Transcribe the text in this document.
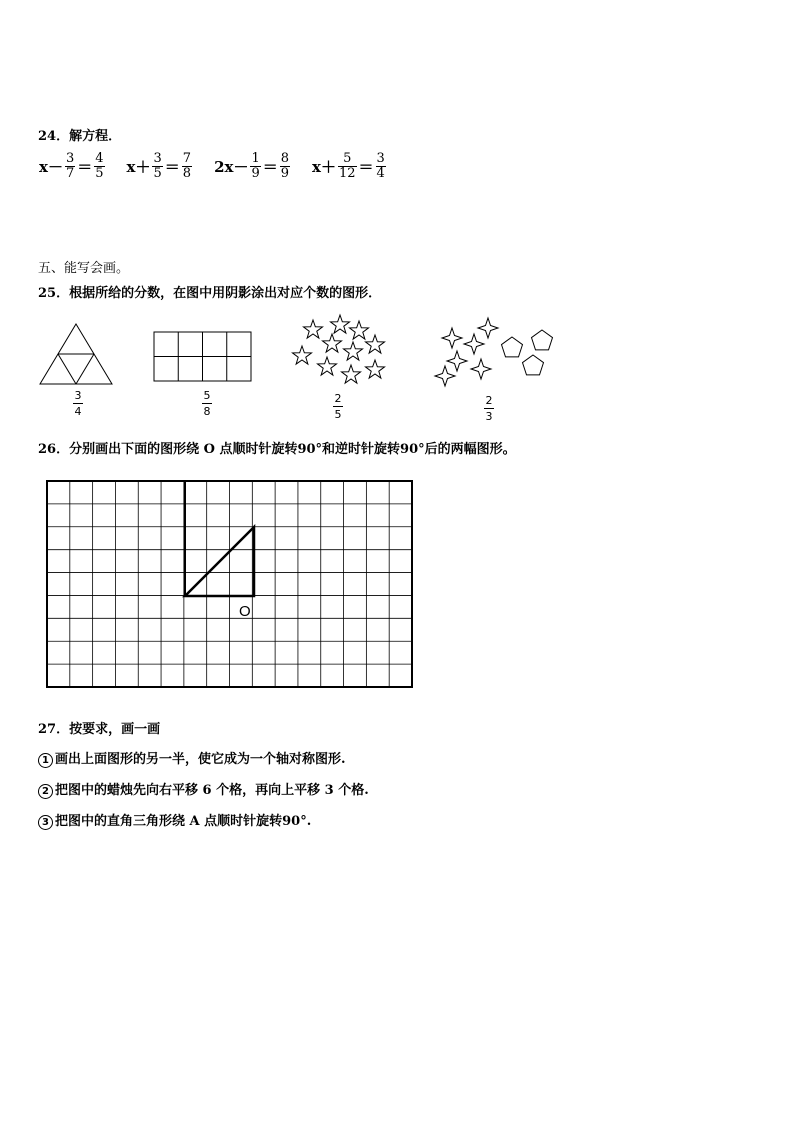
24．解方程．
$x- \frac{3}{7} = \frac{4}{5} x+ \frac{3}{5} = \frac{7}{8} 2x- \frac{1}{9} = \frac{8}{9} x+ \frac{5}{12} = \frac{3}{4}$
五、能写会画。
25．根据所给的分数，在图中用阴影涂出对应个数的图形．
3
4
5
8
2
5
2
3
26．分别画出下面的图形绕 O 点顺时针旋转90°和逆时针旋转90°后的两幅图形。
O
27．按要求，画一画
1 画出上面图形的另一半，使它成为一个轴对称图形.
2 把图中的蜡烛先向右平移 6 个格，再向上平移 3 个格.
3 把图中的直角三角形绕 A 点顺时针旋转90°.
